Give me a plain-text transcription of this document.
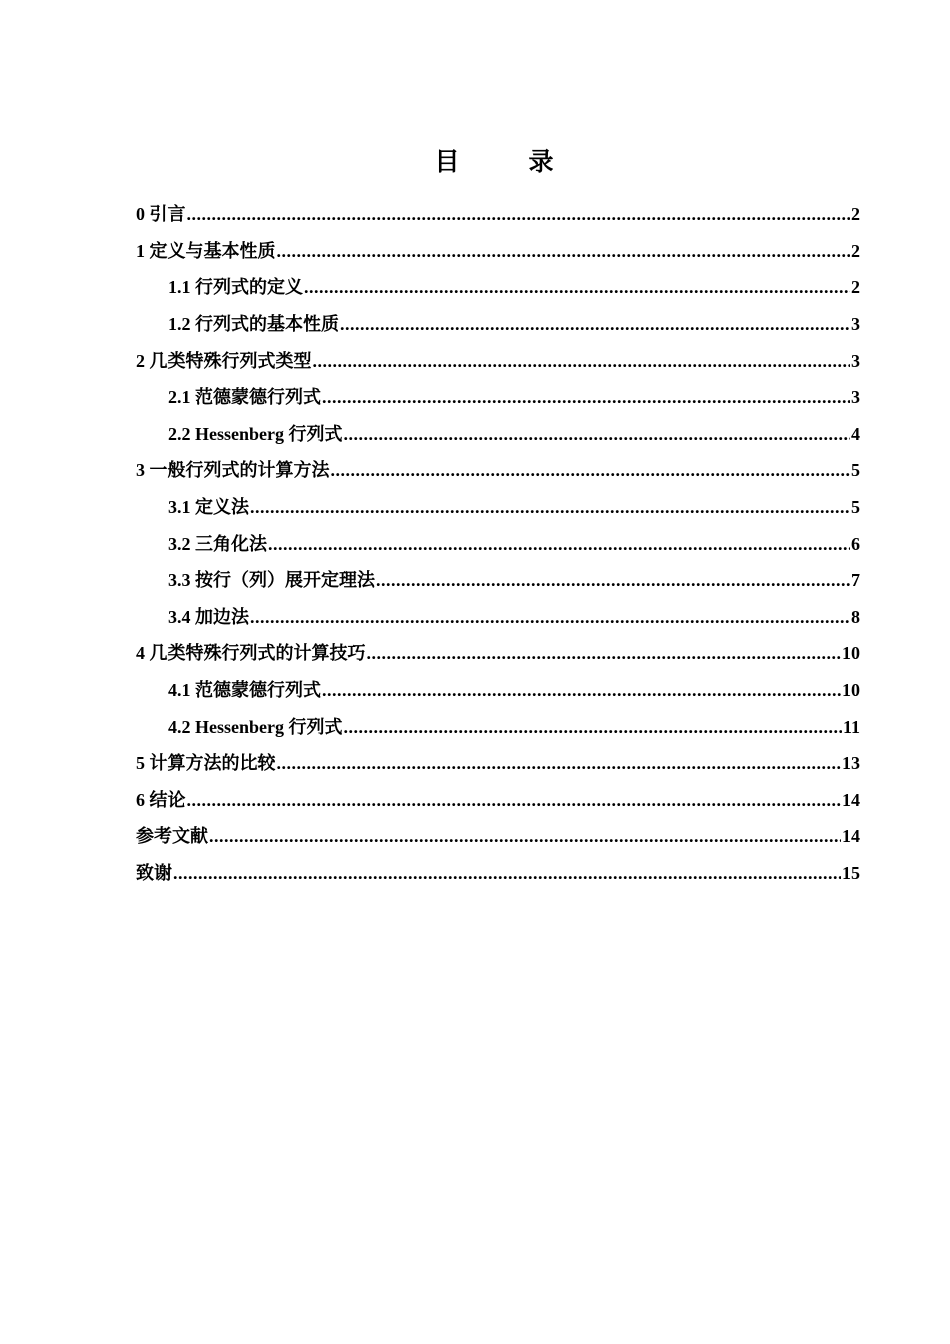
目　录
0 引言 .....	2
1 定义与基本性质 .....	2
1.1 行列式的定义 .....	2
1.2 行列式的基本性质 .....	3
2 几类特殊行列式类型 .....	3
2.1 范德蒙德行列式 .....	3
2.2 Hessenberg 行列式 .....	4
3 一般行列式的计算方法 .....	5
3.1 定义法 .....	5
3.2 三角化法 .....	6
3.3 按行（列）展开定理法 .....	7
3.4 加边法 .....	8
4 几类特殊行列式的计算技巧 .....	10
4.1 范德蒙德行列式 .....	10
4.2 Hessenberg 行列式 .....	11
5 计算方法的比较 .....	13
6 结论 .....	14
参考文献 .....	14
致谢 .....	15
